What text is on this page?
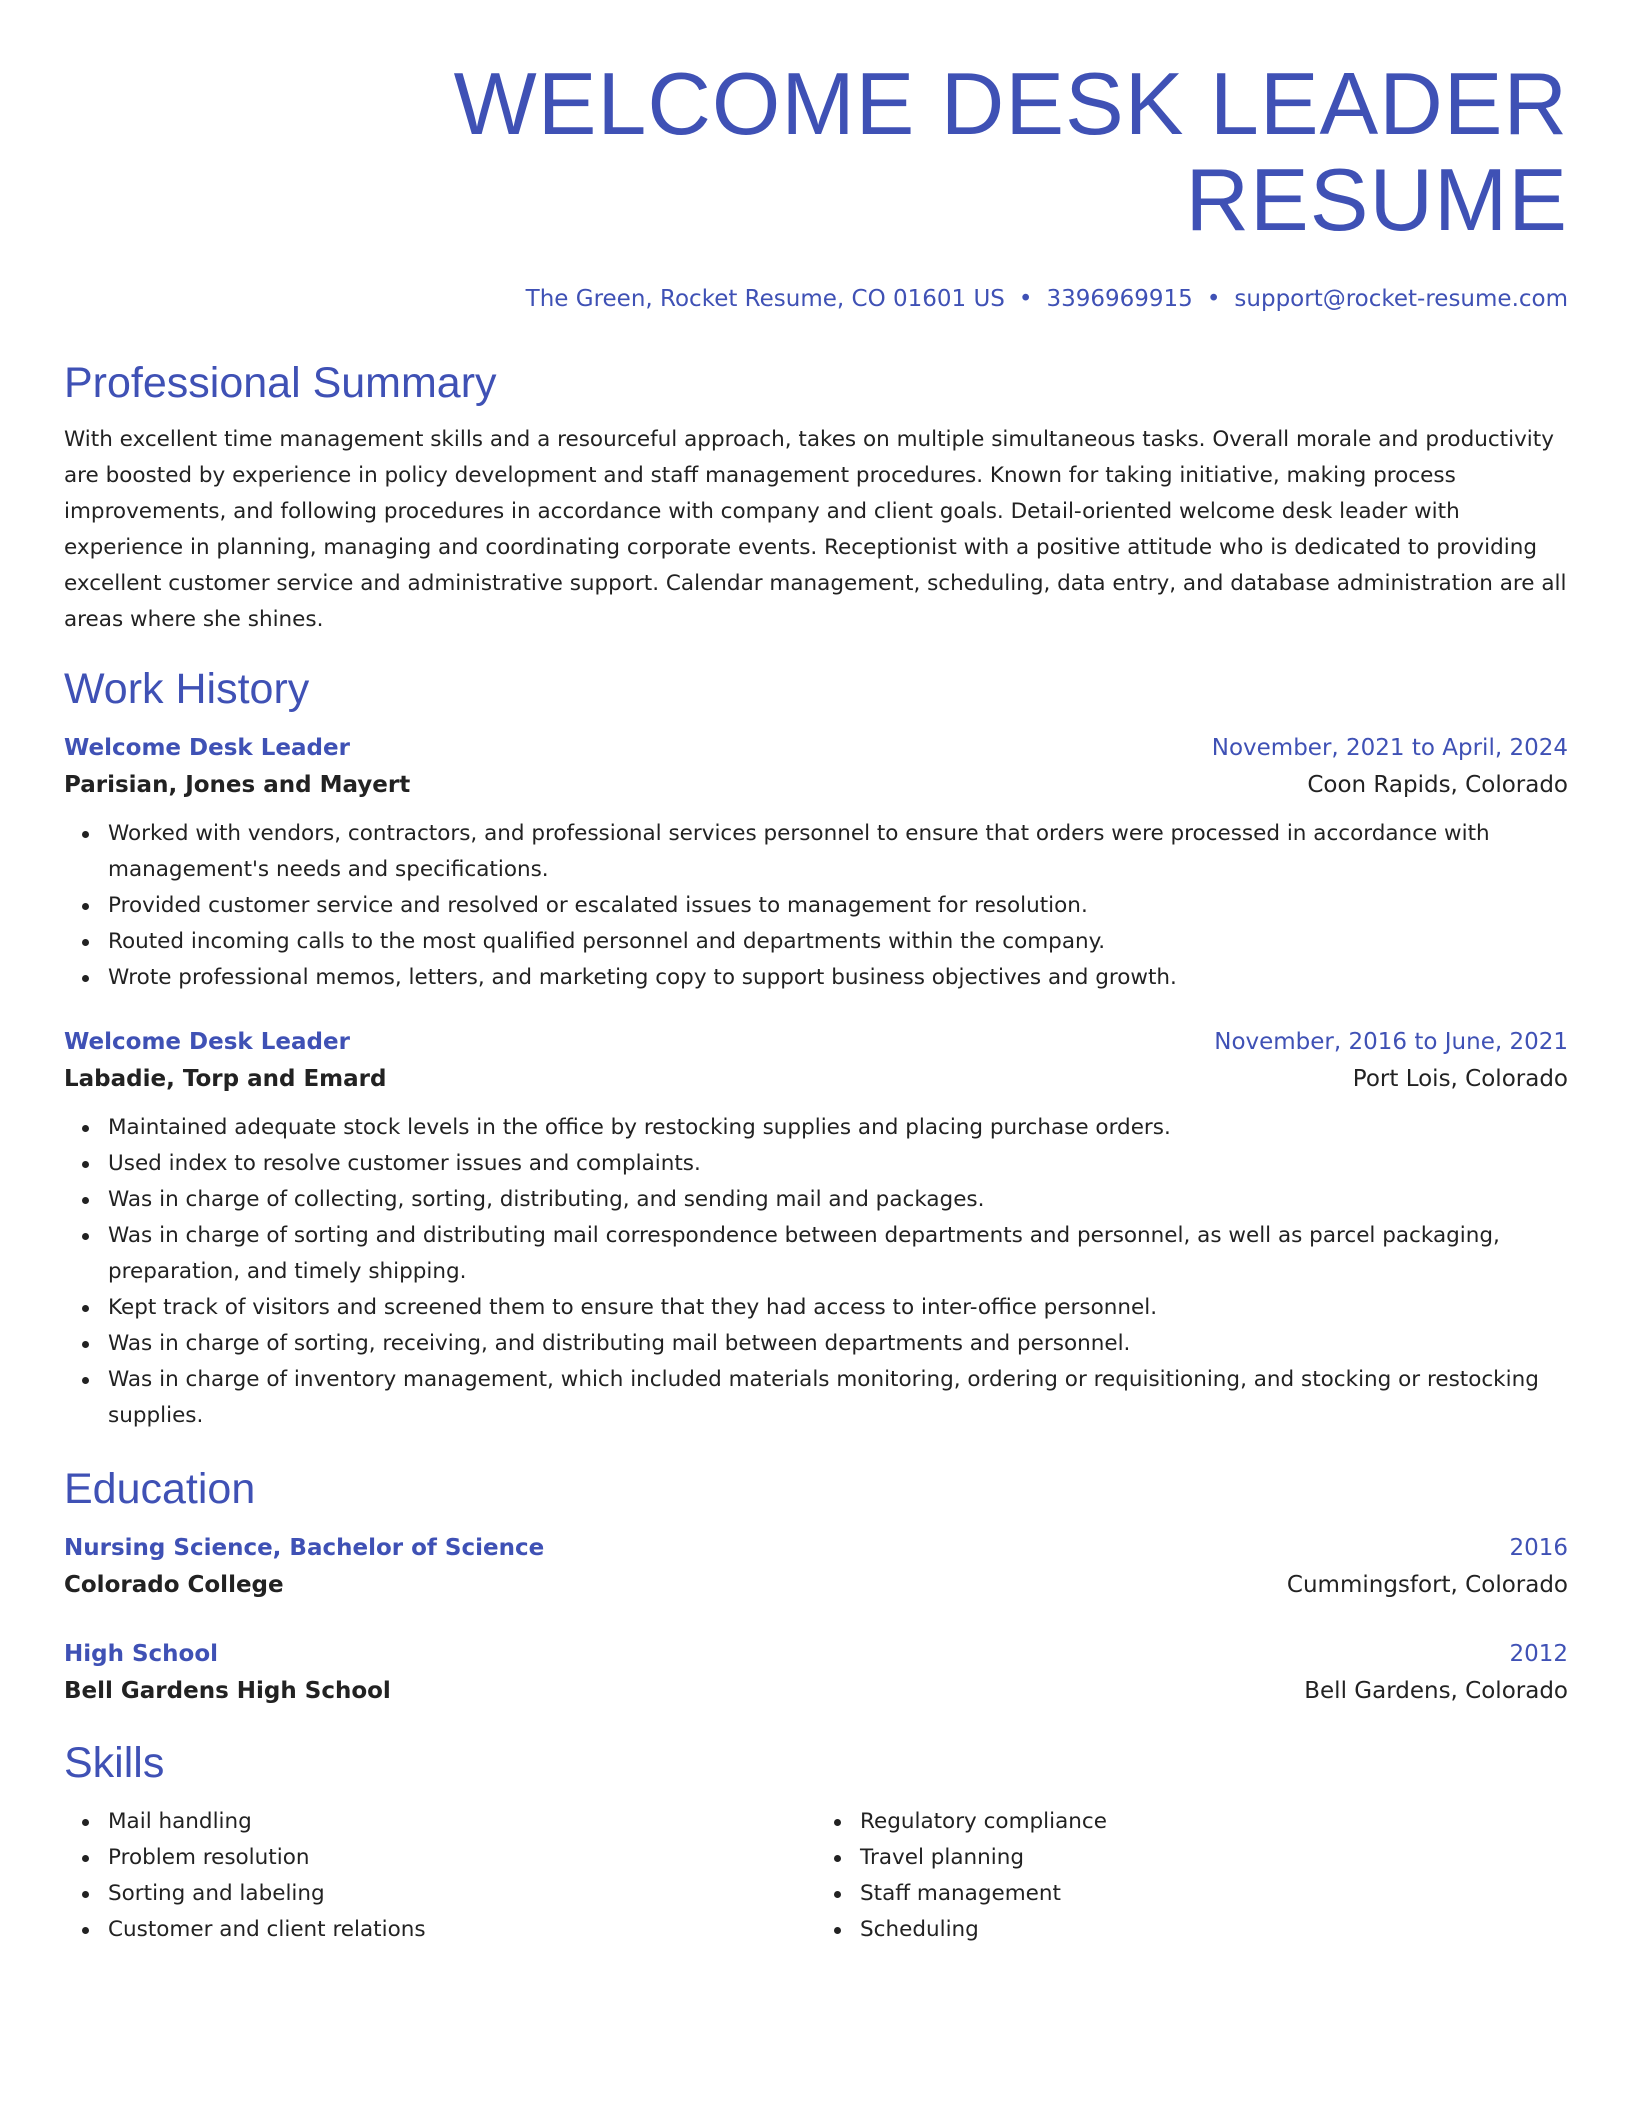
WELCOME DESK LEADER RESUME
The Green, Rocket Resume, CO 01601 US • 3396969915 • support@rocket-resume.com
Professional Summary

With excellent time management skills and a resourceful approach, takes on multiple simultaneous tasks. Overall morale and productivity are boosted by experience in policy development and staff management procedures. Known for taking initiative, making process improvements, and following procedures in accordance with company and client goals. Detail-oriented welcome desk leader with experience in planning, managing and coordinating corporate events. Receptionist with a positive attitude who is dedicated to providing excellent customer service and administrative support. Calendar management, scheduling, data entry, and database administration are all areas where she shines.

Work History
Welcome Desk Leader	November, 2021 to April, 2024
Parisian, Jones and Mayert	Coon Rapids, Colorado
Worked with vendors, contractors, and professional services personnel to ensure that orders were processed in accordance with management's needs and specifications.
Provided customer service and resolved or escalated issues to management for resolution.
Routed incoming calls to the most qualified personnel and departments within the company.
Wrote professional memos, letters, and marketing copy to support business objectives and growth.
Welcome Desk Leader	November, 2016 to June, 2021
Labadie, Torp and Emard	Port Lois, Colorado
Maintained adequate stock levels in the office by restocking supplies and placing purchase orders.
Used index to resolve customer issues and complaints.
Was in charge of collecting, sorting, distributing, and sending mail and packages.
Was in charge of sorting and distributing mail correspondence between departments and personnel, as well as parcel packaging, preparation, and timely shipping.
Kept track of visitors and screened them to ensure that they had access to inter-office personnel.
Was in charge of sorting, receiving, and distributing mail between departments and personnel.
Was in charge of inventory management, which included materials monitoring, ordering or requisitioning, and stocking or restocking supplies.
Education
Nursing Science, Bachelor of Science	2016
Colorado College	Cummingsfort, Colorado
High School	2012
Bell Gardens High School	Bell Gardens, Colorado
Skills
Mail handling
Problem resolution
Sorting and labeling
Customer and client relations
Regulatory compliance
Travel planning
Staff management
Scheduling
